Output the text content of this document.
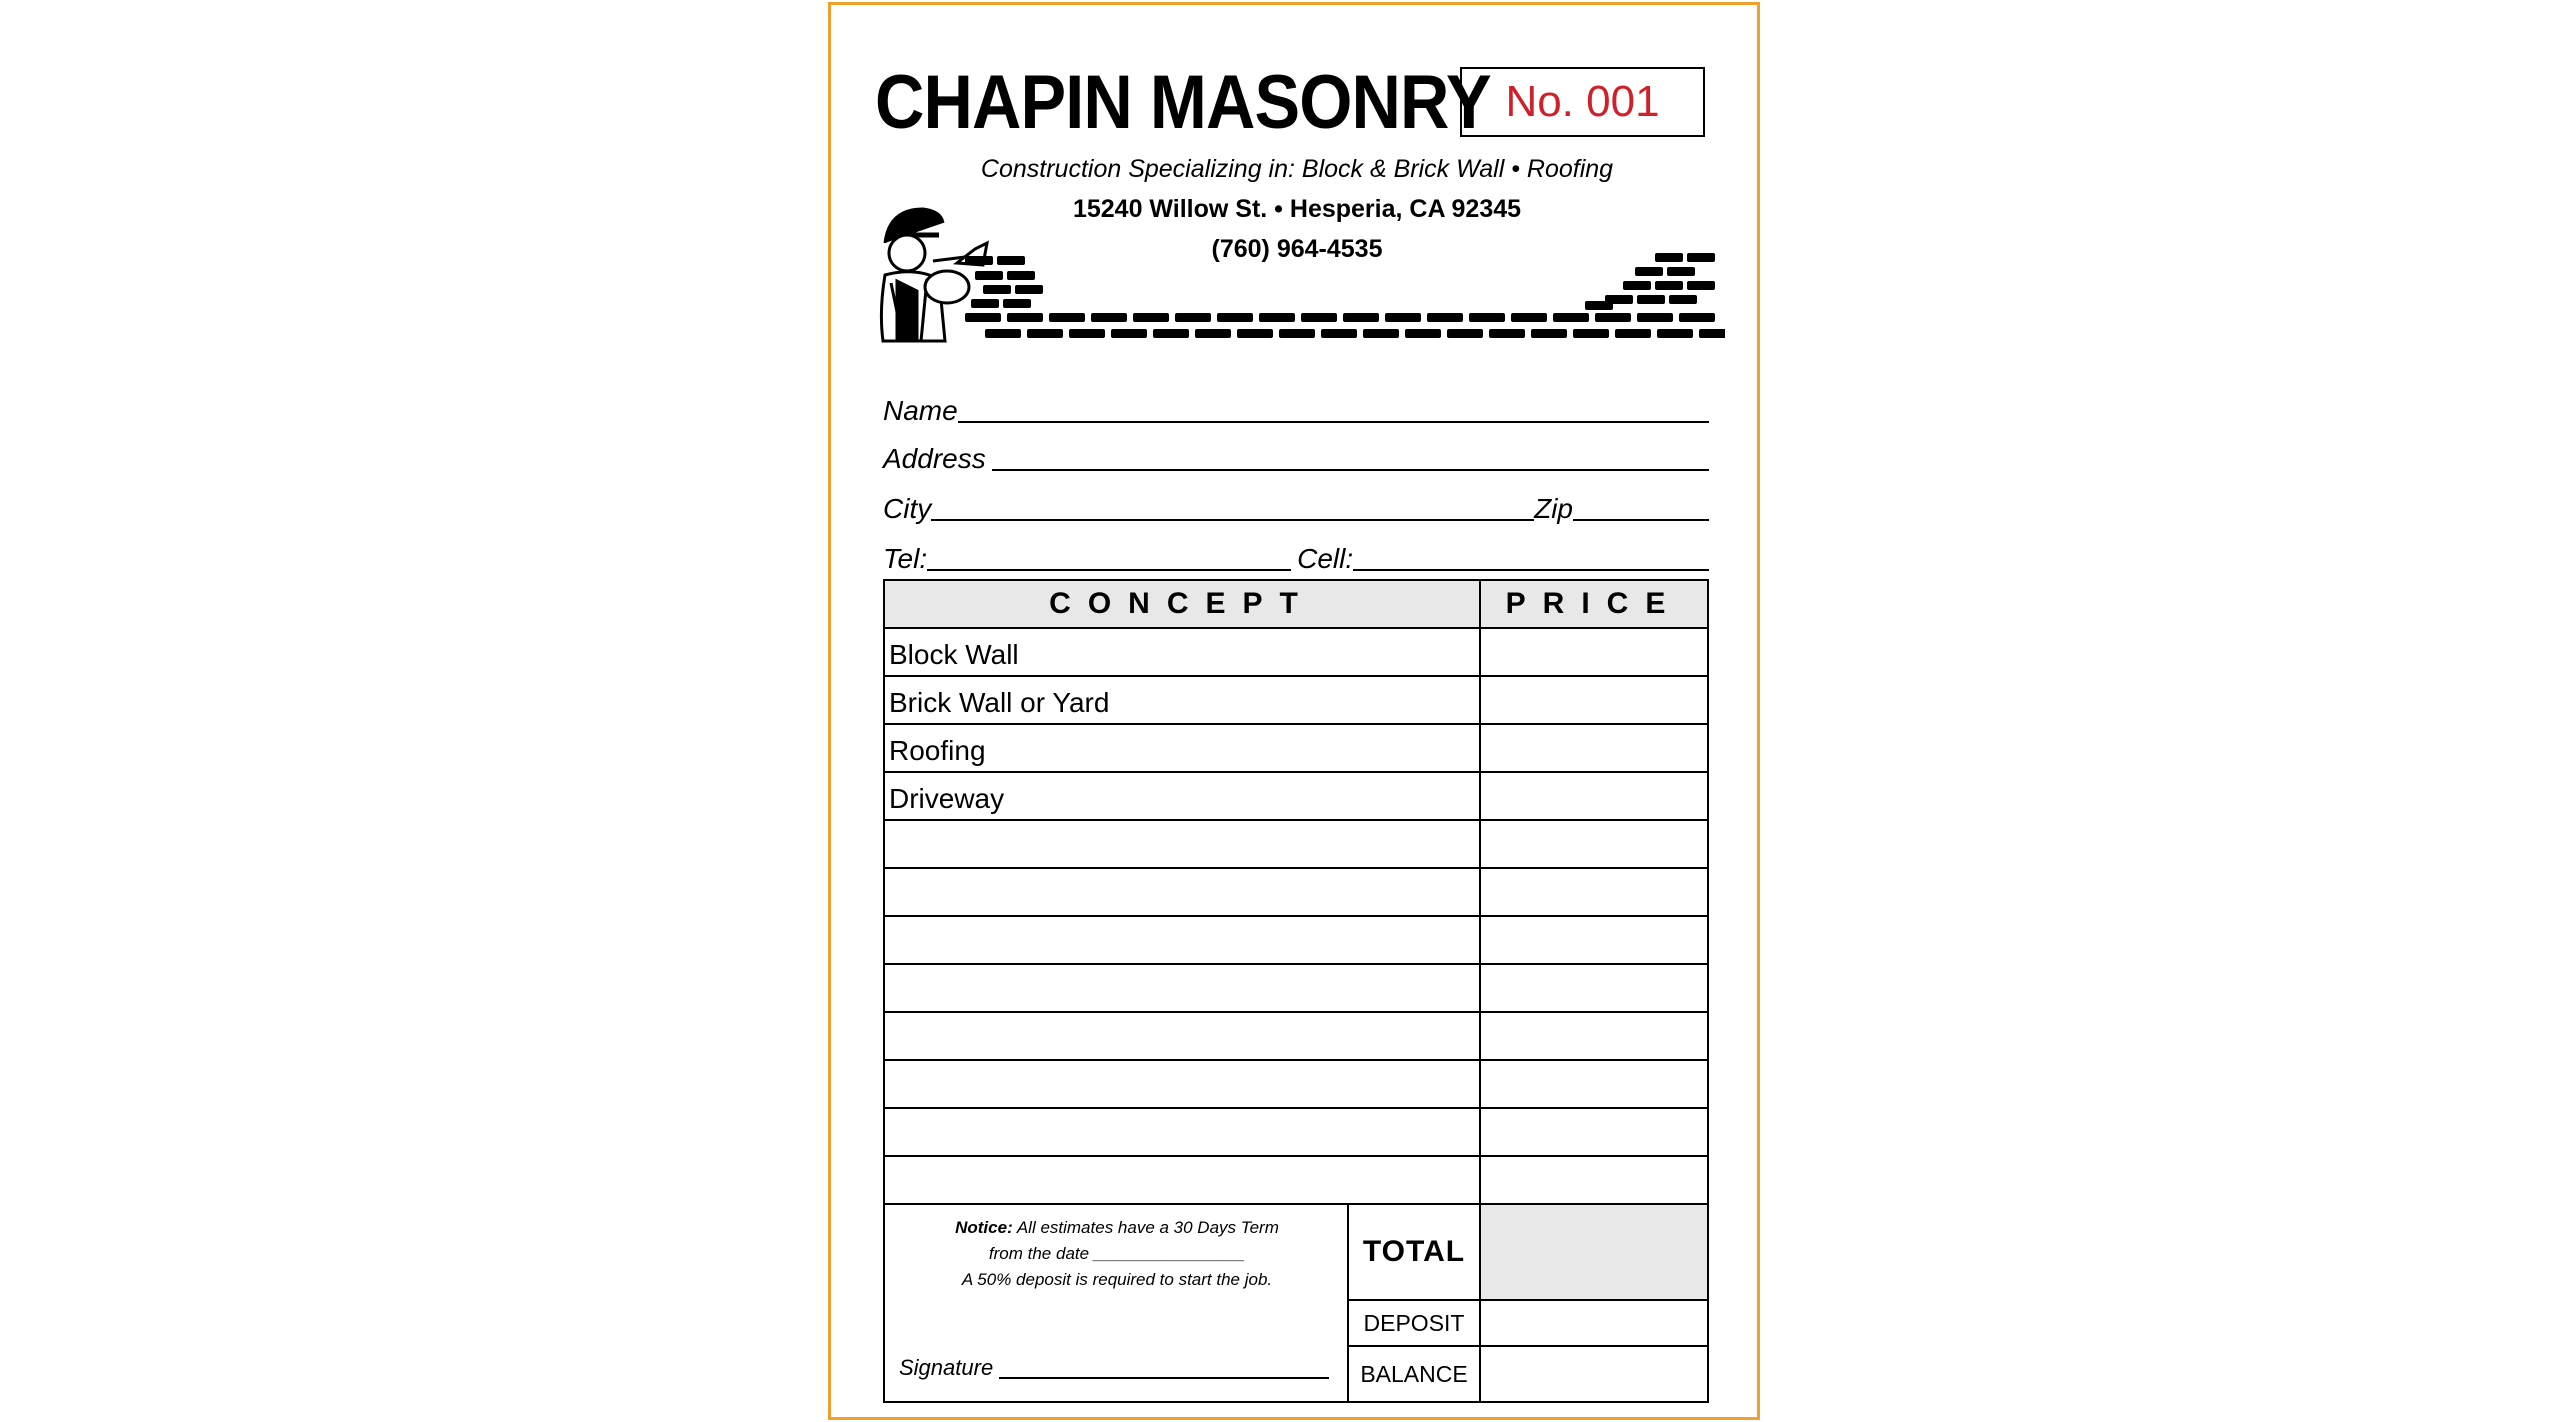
CHAPIN MASONRY No. 001
Construction Specializing in: Block & Brick Wall • Roofing
15240 Willow St. • Hesperia, CA 92345
(760) 964-4535
Name
Address
City	Zip
Tel:	Cell:
CONCEPT	PRICE
Block Wall
Brick Wall or Yard
Roofing
Driveway
Notice: All estimates have a 30 Days Term
from the date ________________
A 50% deposit is required to start the job.
Signature
TOTAL
DEPOSIT
BALANCE
